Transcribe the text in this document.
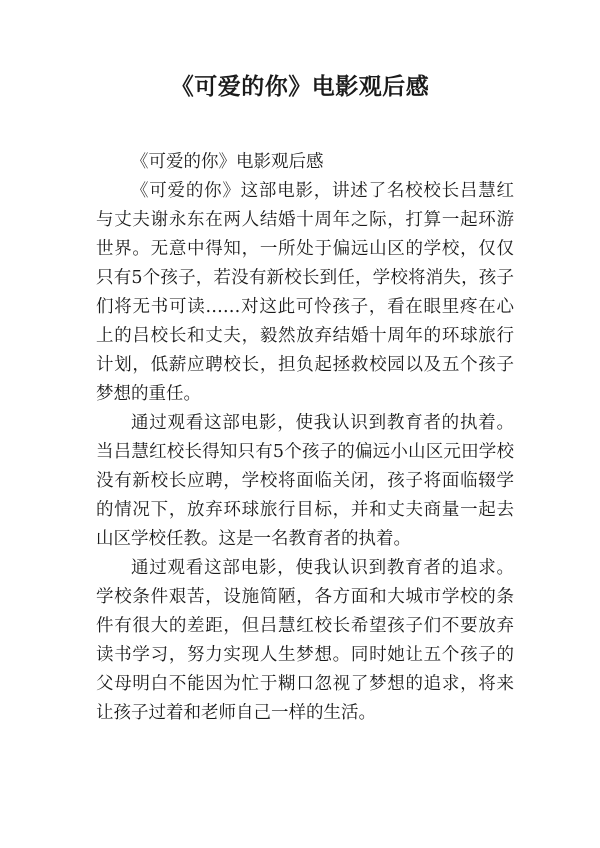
《可爱的你》电影观后感

《可爱的你》电影观后感

《可爱的你》这部电影，讲述了名校校长吕慧红与丈夫谢永东在两人结婚十周年之际，打算一起环游世界。无意中得知，一所处于偏远山区的学校，仅仅只有5个孩子，若没有新校长到任，学校将消失，孩子们将无书可读……对这此可怜孩子，看在眼里疼在心上的吕校长和丈夫，毅然放弃结婚十周年的环球旅行计划，低薪应聘校长，担负起拯救校园以及五个孩子梦想的重任。

通过观看这部电影，使我认识到教育者的执着。当吕慧红校长得知只有5个孩子的偏远小山区元田学校没有新校长应聘，学校将面临关闭，孩子将面临辍学的情况下，放弃环球旅行目标，并和丈夫商量一起去山区学校任教。这是一名教育者的执着。

通过观看这部电影，使我认识到教育者的追求。学校条件艰苦，设施简陋，各方面和大城市学校的条件有很大的差距，但吕慧红校长希望孩子们不要放弃读书学习，努力实现人生梦想。同时她让五个孩子的父母明白不能因为忙于糊口忽视了梦想的追求，将来让孩子过着和老师自己一样的生活。
